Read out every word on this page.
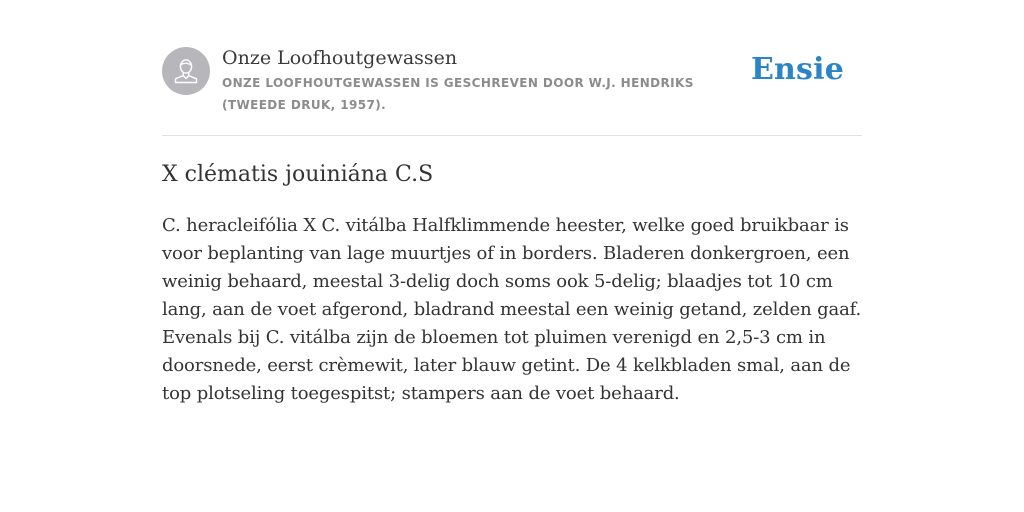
Onze Loofhoutgewassen
ONZE LOOFHOUTGEWASSEN IS GESCHREVEN DOOR W.J. HENDRIKS (TWEEDE DRUK, 1957).
Ensie
X clématis jouiniána C.S

C. heracleifólia X C. vitálba Halfklimmende heester, welke goed bruikbaar is voor beplanting van lage muurtjes of in borders. Bladeren donkergroen, een weinig behaard, meestal 3-delig doch soms ook 5-delig; blaadjes tot 10 cm lang, aan de voet afgerond, bladrand meestal een weinig getand, zelden gaaf. Evenals bij C. vitálba zijn de bloemen tot pluimen verenigd en 2,5-3 cm in doorsnede, eerst crèmewit, later blauw getint. De 4 kelkbladen smal, aan de top plotseling toegespitst; stampers aan de voet behaard.
